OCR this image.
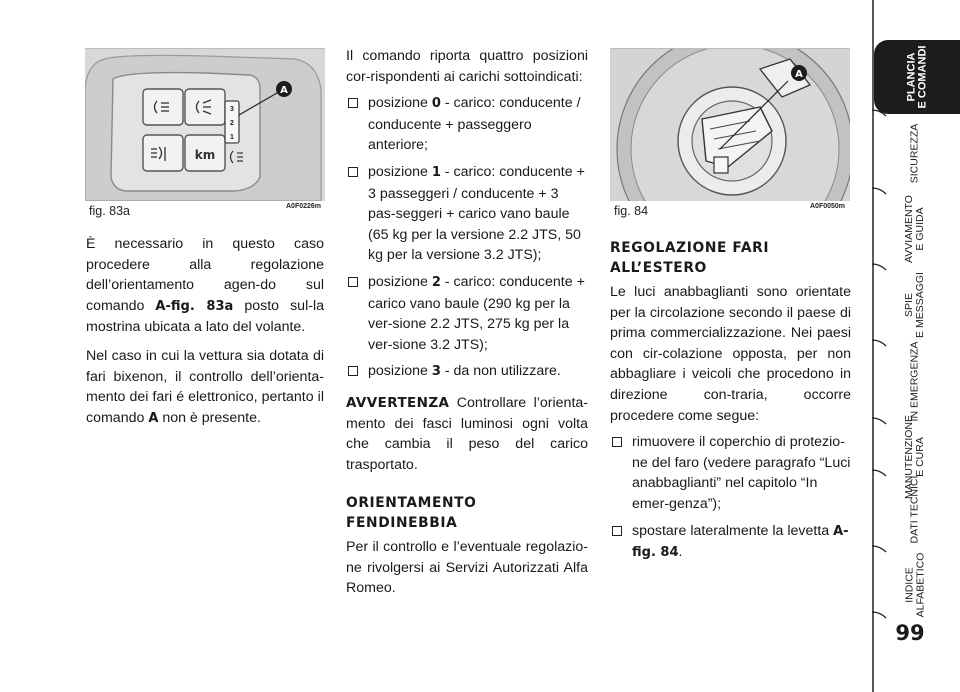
km
3
2
1
A
fig. 83a	A0F0226m

È necessario in questo caso procedere alla regolazione dell’orientamento agen-do sul comando A-fig. 83a posto sul-la mostrina ubicata a lato del volante.

Nel caso in cui la vettura sia dotata di fari bixenon, il controllo dell’orienta-mento dei fari é elettronico, pertanto il comando A non è presente.

Il comando riporta quattro posizioni cor-rispondenti ai carichi sottoindicati:

posizione 0 - carico: conducente / conducente + passeggero anteriore;
posizione 1 - carico: conducente + 3 passeggeri / conducente + 3 pas-seggeri + carico vano baule (65 kg per la versione 2.2 JTS, 50 kg per la versione 3.2 JTS);
posizione 2 - carico: conducente + carico vano baule (290 kg per la ver-sione 2.2 JTS, 275 kg per la ver-sione 3.2 JTS);
posizione 3 - da non utilizzare.

AVVERTENZA Controllare l’orienta-mento dei fasci luminosi ogni volta che cambia il peso del carico trasportato.

ORIENTAMENTO
FENDINEBBIA

Per il controllo e l’eventuale regolazio-ne rivolgersi ai Servizi Autorizzati Alfa Romeo.

A
fig. 84	A0F0050m
REGOLAZIONE FARI
ALL’ESTERO

Le luci anabbaglianti sono orientate per la circolazione secondo il paese di prima commercializzazione. Nei paesi con cir-colazione opposta, per non abbagliare i veicoli che procedono in direzione con-traria, occorre procedere come segue:

rimuovere il coperchio di protezio-ne del faro (vedere paragrafo “Luci anabbaglianti” nel capitolo “In emer-genza”);
spostare lateralmente la levetta A-fig. 84.
PLANCIA
E COMANDI
SICUREZZA
AVVIAMENTO
E GUIDA
SPIE
E MESSAGGI
IN EMERGENZA
MANUTENZIONE
E CURA
DATI TECNICI
INDICE
ALFABETICO
99
